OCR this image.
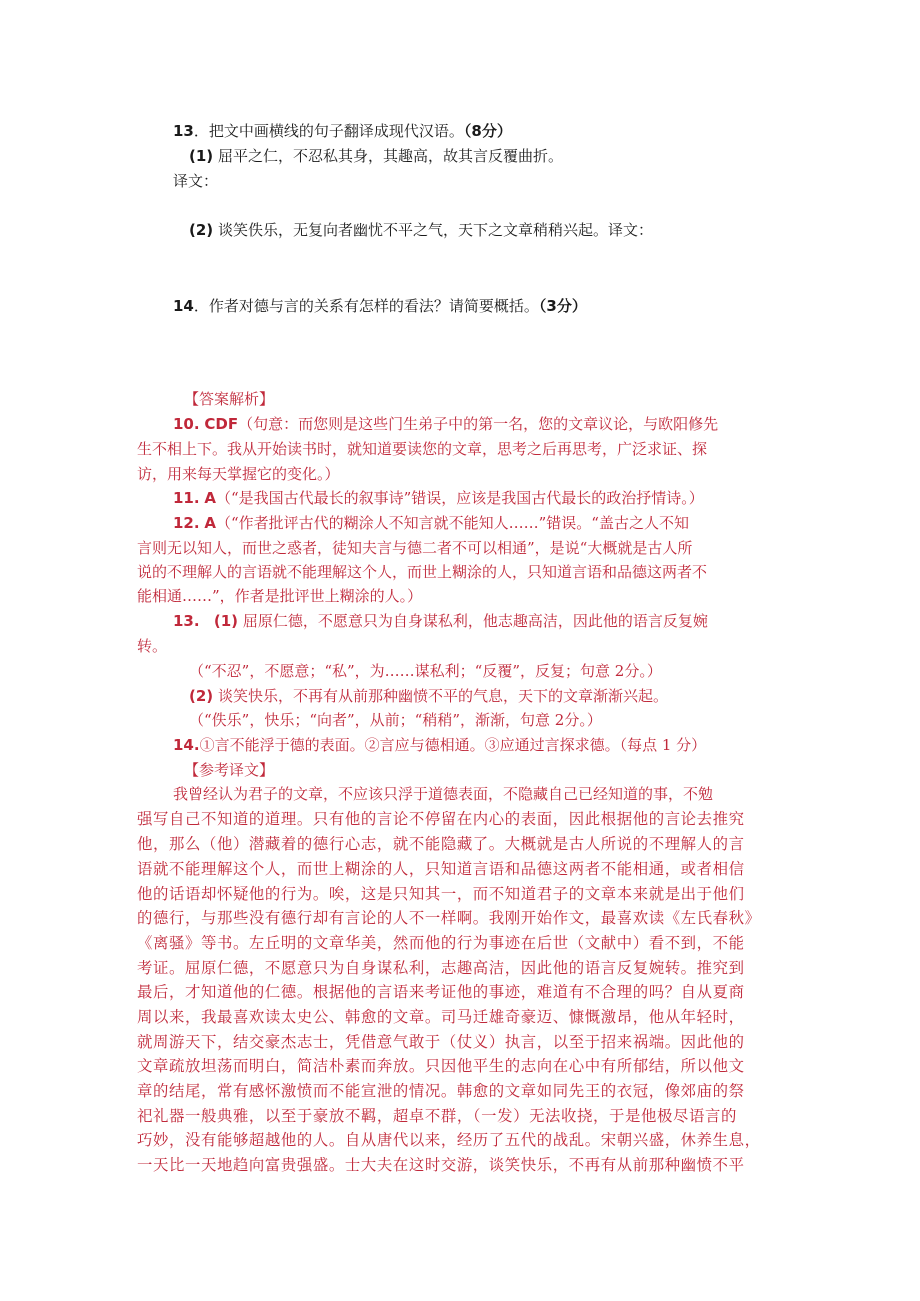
13．把文中画横线的句子翻译成现代汉语。（8分）
(1) 屈平之仁，不忍私其身，其趣高，故其言反覆曲折。
译文：
(2) 谈笑佚乐，无复向者幽忧不平之气，天下之文章稍稍兴起。译文：
14．作者对德与言的关系有怎样的看法？请简要概括。（3分）
【答案解析】
10. CDF（句意：而您则是这些门生弟子中的第一名，您的文章议论，与欧阳修先
生不相上下。我从开始读书时，就知道要读您的文章，思考之后再思考，广泛求证、探
访，用来每天掌握它的变化。）
11. A（“是我国古代最长的叙事诗”错误，应该是我国古代最长的政治抒情诗。）
12. A（“作者批评古代的糊涂人不知言就不能知人……”错误。“盖古之人不知
言则无以知人，而世之惑者，徒知夫言与德二者不可以相通”，是说“大概就是古人所
说的不理解人的言语就不能理解这个人，而世上糊涂的人，只知道言语和品德这两者不
能相通……”，作者是批评世上糊涂的人。）
13. (1) 屈原仁德，不愿意只为自身谋私利，他志趣高洁，因此他的语言反复婉
转。
（“不忍”，不愿意；“私”，为……谋私利；“反覆”，反复；句意 2分。）
(2) 谈笑快乐，不再有从前那种幽愤不平的气息，天下的文章渐渐兴起。
（“佚乐”，快乐；“向者”，从前；“稍稍”，渐渐，句意 2分。）
14.①言不能浮于德的表面。②言应与德相通。③应通过言探求德。（每点 1 分）
【参考译文】
我曾经认为君子的文章，不应该只浮于道德表面，不隐藏自己已经知道的事，不勉
强写自己不知道的道理。只有他的言论不停留在内心的表面，因此根据他的言论去推究
他，那么（他）潜藏着的德行心志，就不能隐藏了。大概就是古人所说的不理解人的言
语就不能理解这个人，而世上糊涂的人，只知道言语和品德这两者不能相通，或者相信
他的话语却怀疑他的行为。唉，这是只知其一，而不知道君子的文章本来就是出于他们
的德行，与那些没有德行却有言论的人不一样啊。我刚开始作文，最喜欢读《左氏春秋》
《离骚》等书。左丘明的文章华美，然而他的行为事迹在后世（文献中）看不到，不能
考证。屈原仁德，不愿意只为自身谋私利，志趣高洁，因此他的语言反复婉转。推究到
最后，才知道他的仁德。根据他的言语来考证他的事迹，难道有不合理的吗？自从夏商
周以来，我最喜欢读太史公、韩愈的文章。司马迁雄奇豪迈、慷慨激昂，他从年轻时，
就周游天下，结交豪杰志士，凭借意气敢于（仗义）执言，以至于招来祸端。因此他的
文章疏放坦荡而明白，简洁朴素而奔放。只因他平生的志向在心中有所郁结，所以他文
章的结尾，常有感怀激愤而不能宣泄的情况。韩愈的文章如同先王的衣冠，像郊庙的祭
祀礼器一般典雅，以至于豪放不羁，超卓不群，（一发）无法收挠，于是他极尽语言的
巧妙，没有能够超越他的人。自从唐代以来，经历了五代的战乱。宋朝兴盛，休养生息，
一天比一天地趋向富贵强盛。士大夫在这时交游，谈笑快乐，不再有从前那种幽愤不平
